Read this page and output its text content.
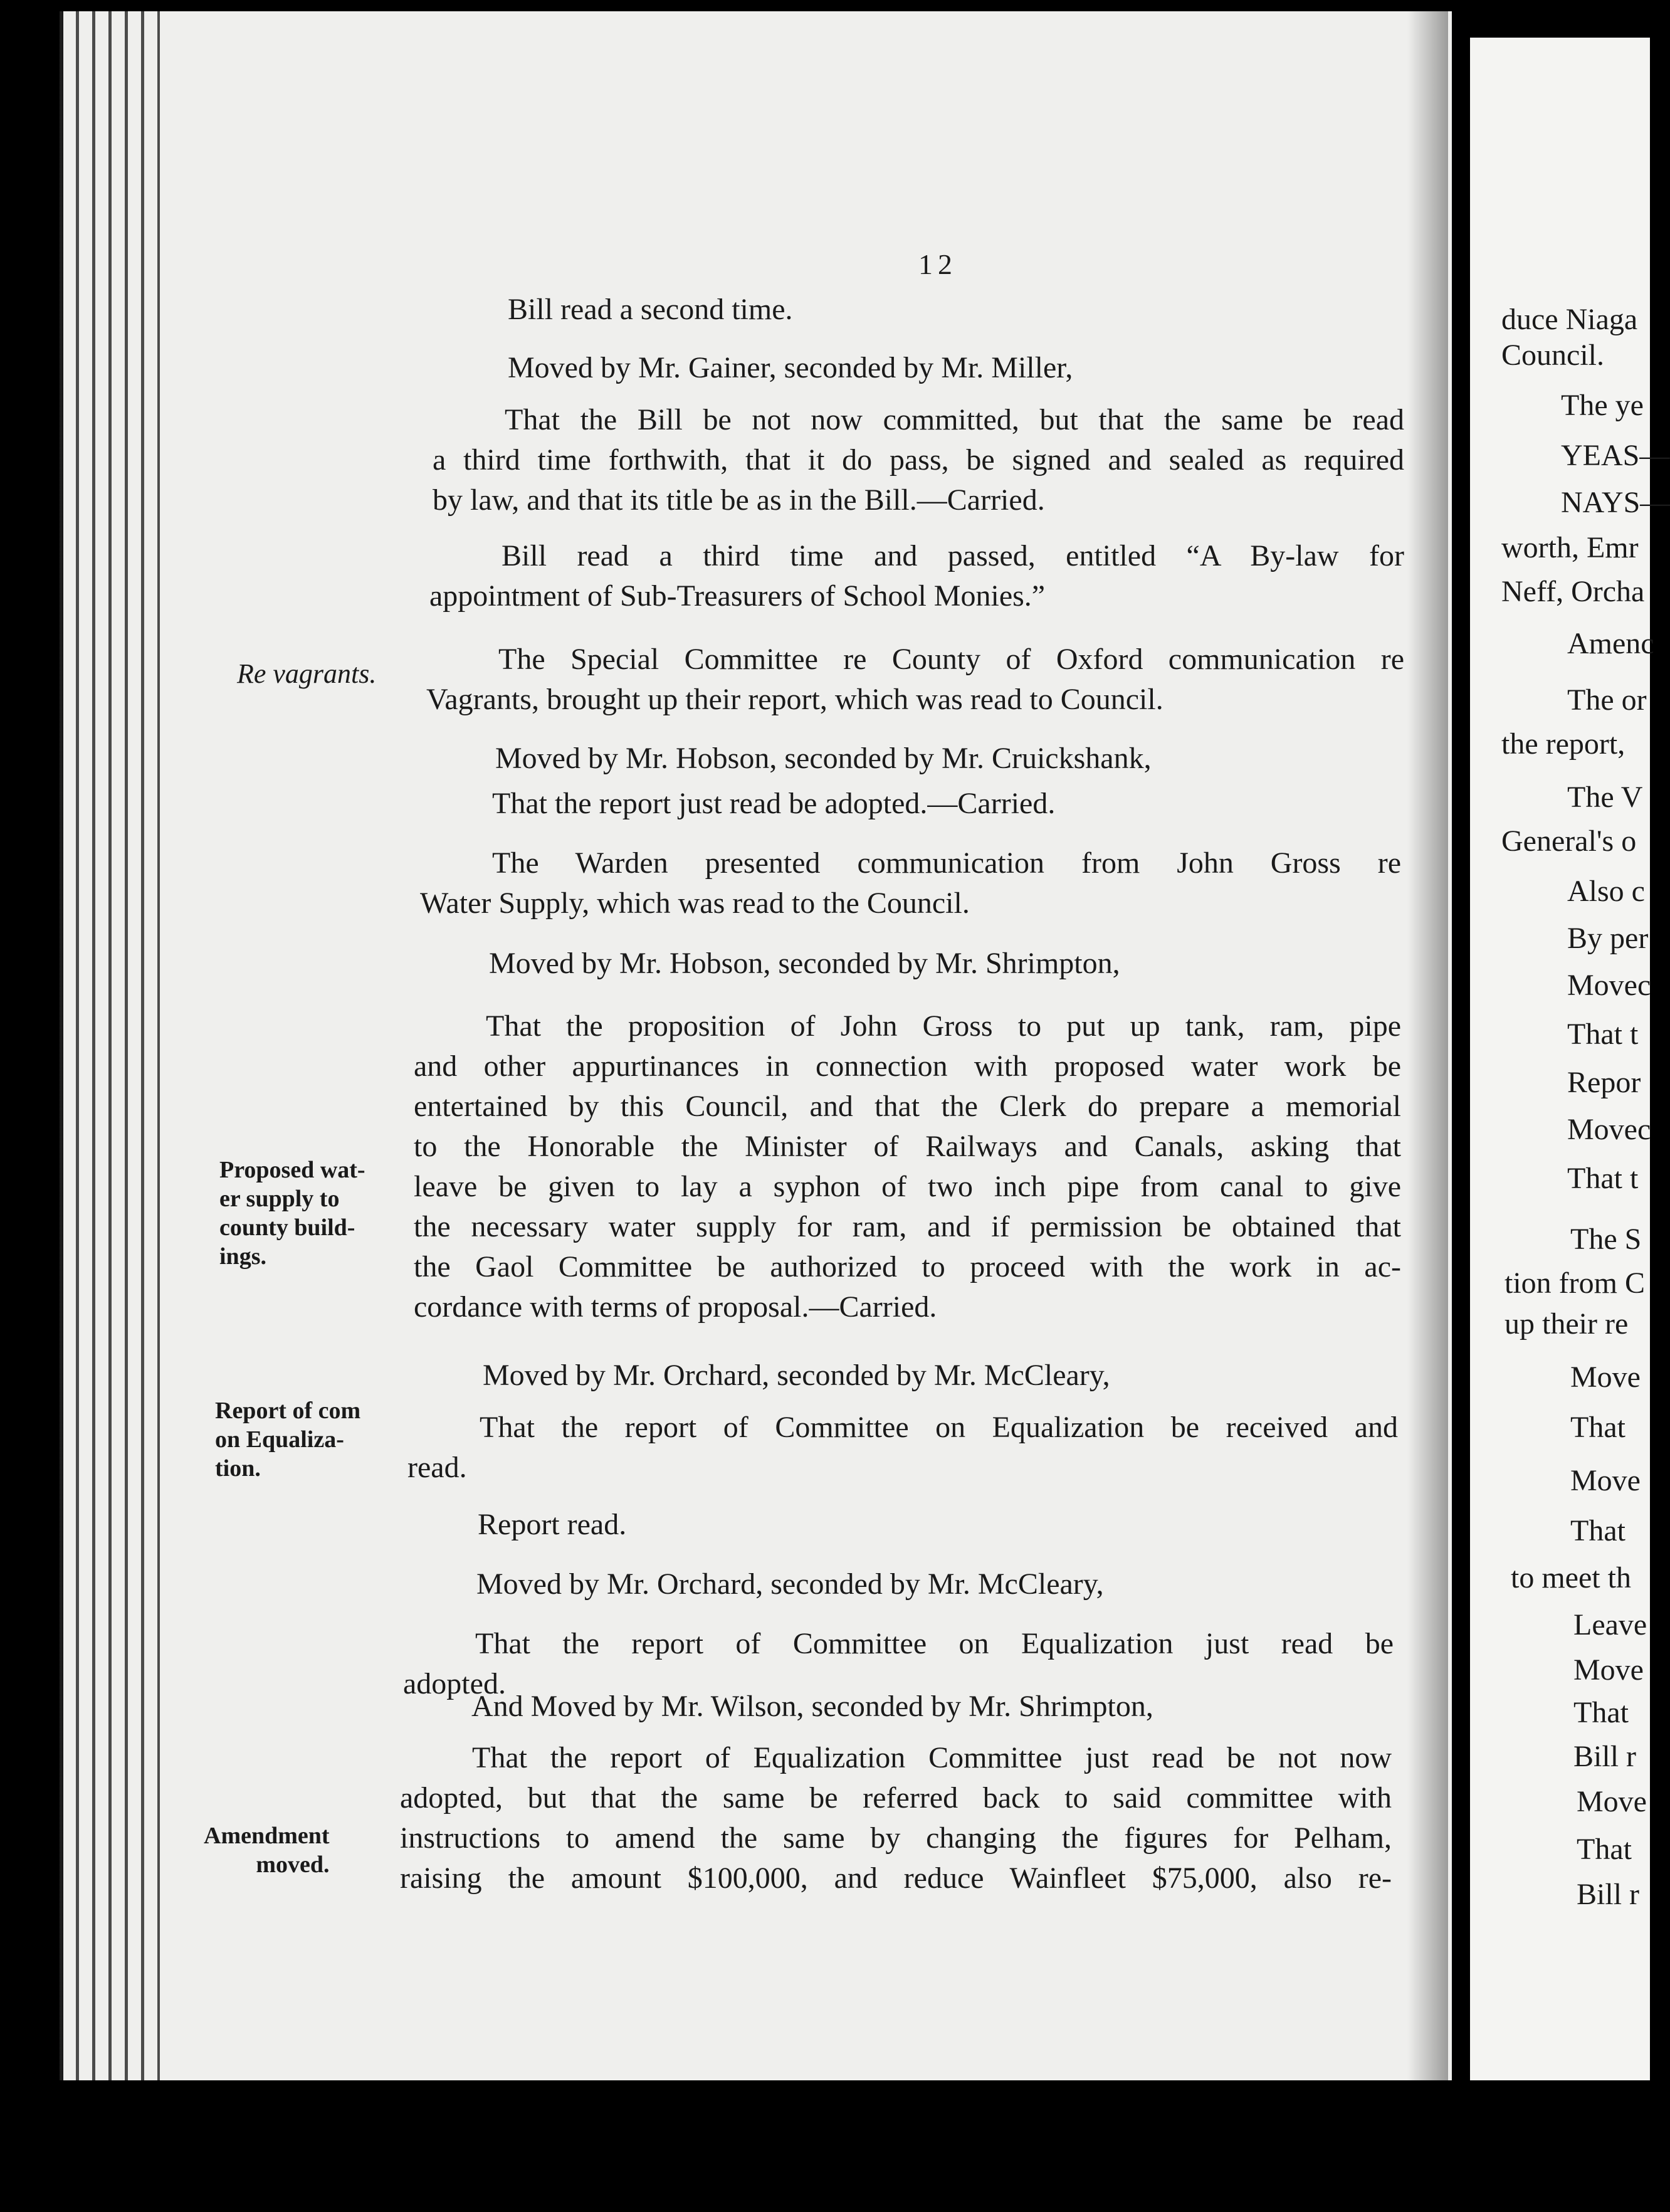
12
Bill read a second time.
Moved by Mr. Gainer, seconded by Mr. Miller,
That the Bill be not now committed, but that the same be read
a third time forthwith, that it do pass, be signed and sealed as required
by law, and that its title be as in the Bill.—Carried.
Bill read a third time and passed, entitled “A By-law for
appointment of Sub-Treasurers of School Monies.”
The Special Committee re County of Oxford communication re
Vagrants, brought up their report, which was read to Council.
Moved by Mr. Hobson, seconded by Mr. Cruickshank,
That the report just read be adopted.—Carried.
The Warden presented communication from John Gross re
Water Supply, which was read to the Council.
Moved by Mr. Hobson, seconded by Mr. Shrimpton,
That the proposition of John Gross to put up tank, ram, pipe
and other appurtinances in connection with proposed water work be
entertained by this Council, and that the Clerk do prepare a memorial
to the Honorable the Minister of Railways and Canals, asking that
leave be given to lay a syphon of two inch pipe from canal to give
the necessary water supply for ram, and if permission be obtained that
the Gaol Committee be authorized to proceed with the work in ac-
cordance with terms of proposal.—Carried.
Moved by Mr. Orchard, seconded by Mr. McCleary,
That the report of Committee on Equalization be received and
read.
Report read.
Moved by Mr. Orchard, seconded by Mr. McCleary,
That the report of Committee on Equalization just read be
adopted.
And Moved by Mr. Wilson, seconded by Mr. Shrimpton,
That the report of Equalization Committee just read be not now
adopted, but that the same be referred back to said committee with
instructions to amend the same by changing the figures for Pelham,
raising the amount $100,000, and reduce Wainfleet $75,000, also re-
Re vagrants.
Proposed wat-
er supply to
county build-
ings.
Report of com
on Equaliza-
tion.
Amendment
moved.
duce Niaga
Council.
The ye
YEAS—
NAYS—
worth, Emr
Neff, Orcha
Amenc
The or
the report,
The V
General's o
Also c
By per
Movec
That t
Repor
Movec
That t
The S
tion from C
up their re
Move
That
Move
That
to meet th
Leave
Move
That
Bill r
Move
That
Bill r
